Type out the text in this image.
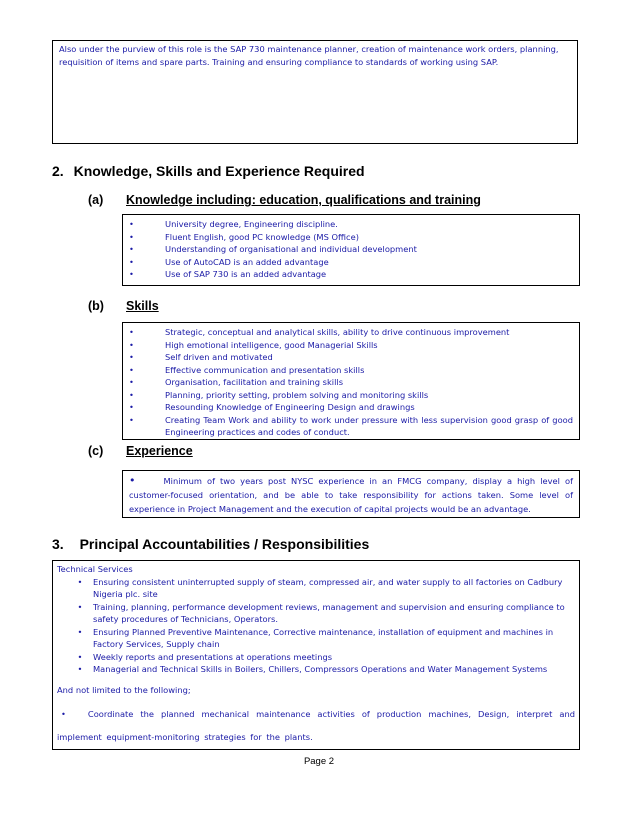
Also under the purview of this role is the SAP 730 maintenance planner, creation of maintenance work orders, planning, requisition of items and spare parts. Training and ensuring compliance to standards of working using SAP.
2. Knowledge, Skills and Experience Required
(a) Knowledge including: education, qualifications and training
•	University degree, Engineering discipline.
•	Fluent English, good PC knowledge (MS Office)
•	Understanding of organisational and individual development
•	Use of AutoCAD is an added advantage
•	Use of SAP 730 is an added advantage
(b) Skills
•	Strategic, conceptual and analytical skills, ability to drive continuous improvement
•	High emotional intelligence, good Managerial Skills
•	Self driven and motivated
•	Effective communication and presentation skills
•	Organisation, facilitation and training skills
•	Planning, priority setting, problem solving and monitoring skills
•	Resounding Knowledge of Engineering Design and drawings
•	Creating Team Work and ability to work under pressure with less supervision good grasp of good Engineering practices and codes of conduct.
(c) Experience
•	Minimum of two years post NYSC experience in an FMCG company, display a high level of customer-focused orientation, and be able to take responsibility for actions taken. Some level of experience in Project Management and the execution of capital projects would be an advantage.
3. Principal Accountabilities / Responsibilities
Technical Services
•	Ensuring consistent uninterrupted supply of steam, compressed air, and water supply to all factories on Cadbury Nigeria plc. site
•	Training, planning, performance development reviews, management and supervision and ensuring compliance to safety procedures of Technicians, Operators.
•	Ensuring Planned Preventive Maintenance, Corrective maintenance, installation of equipment and machines in Factory Services, Supply chain
•	Weekly reports and presentations at operations meetings
•	Managerial and Technical Skills in Boilers, Chillers, Compressors Operations and Water Management Systems
And not limited to the following;
•	Coordinate the planned mechanical maintenance activities of production machines, Design, interpret and implement equipment-monitoring strategies for the plants.
Page 2
